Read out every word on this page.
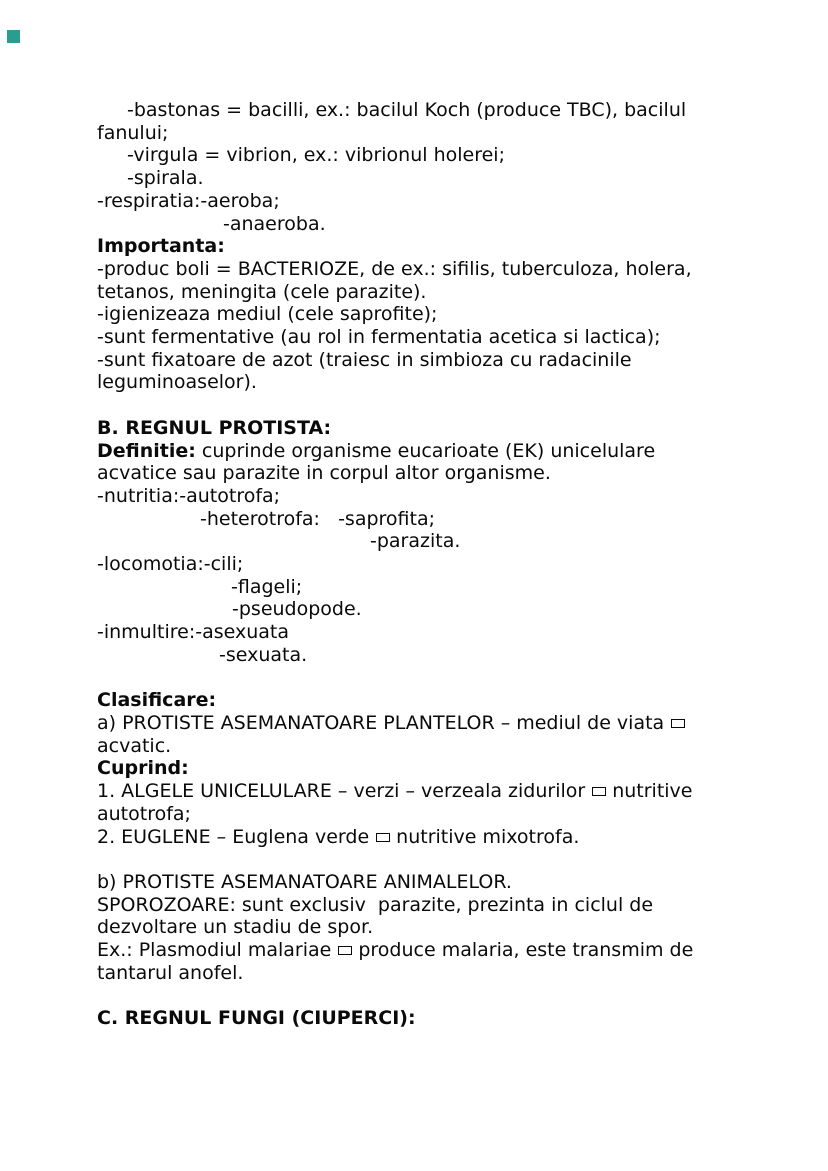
-bastonas = bacilli, ex.: bacilul Koch (produce TBC), bacilul
fanului;
-virgula = vibrion, ex.: vibrionul holerei;
-spirala.
-respiratia:-aeroba;
-anaeroba.
Importanta:
-produc boli = BACTERIOZE, de ex.: sifilis, tuberculoza, holera,
tetanos, meningita (cele parazite).
-igienizeaza mediul (cele saprofite);
-sunt fermentative (au rol in fermentatia acetica si lactica);
-sunt fixatoare de azot (traiesc in simbioza cu radacinile
leguminoaselor).

B. REGNUL PROTISTA:
Definitie: cuprinde organisme eucarioate (EK) unicelulare
acvatice sau parazite in corpul altor organisme.
-nutritia:-autotrofa;
-heterotrofa:   -saprofita;
-parazita.
-locomotia:-cili;
-flageli;
-pseudopode.
-inmultire:-asexuata
-sexuata.

Clasificare:
a) PROTISTE ASEMANATOARE PLANTELOR – mediul de viata
acvatic.
Cuprind:
1. ALGELE UNICELULARE – verzi – verzeala zidurilor nutritive
autotrofa;
2. EUGLENE – Euglena verde nutritive mixotrofa.

b) PROTISTE ASEMANATOARE ANIMALELOR.
SPOROZOARE: sunt exclusiv  parazite, prezinta in ciclul de
dezvoltare un stadiu de spor.
Ex.: Plasmodiul malariae produce malaria, este transmim de
tantarul anofel.

C. REGNUL FUNGI (CIUPERCI):
